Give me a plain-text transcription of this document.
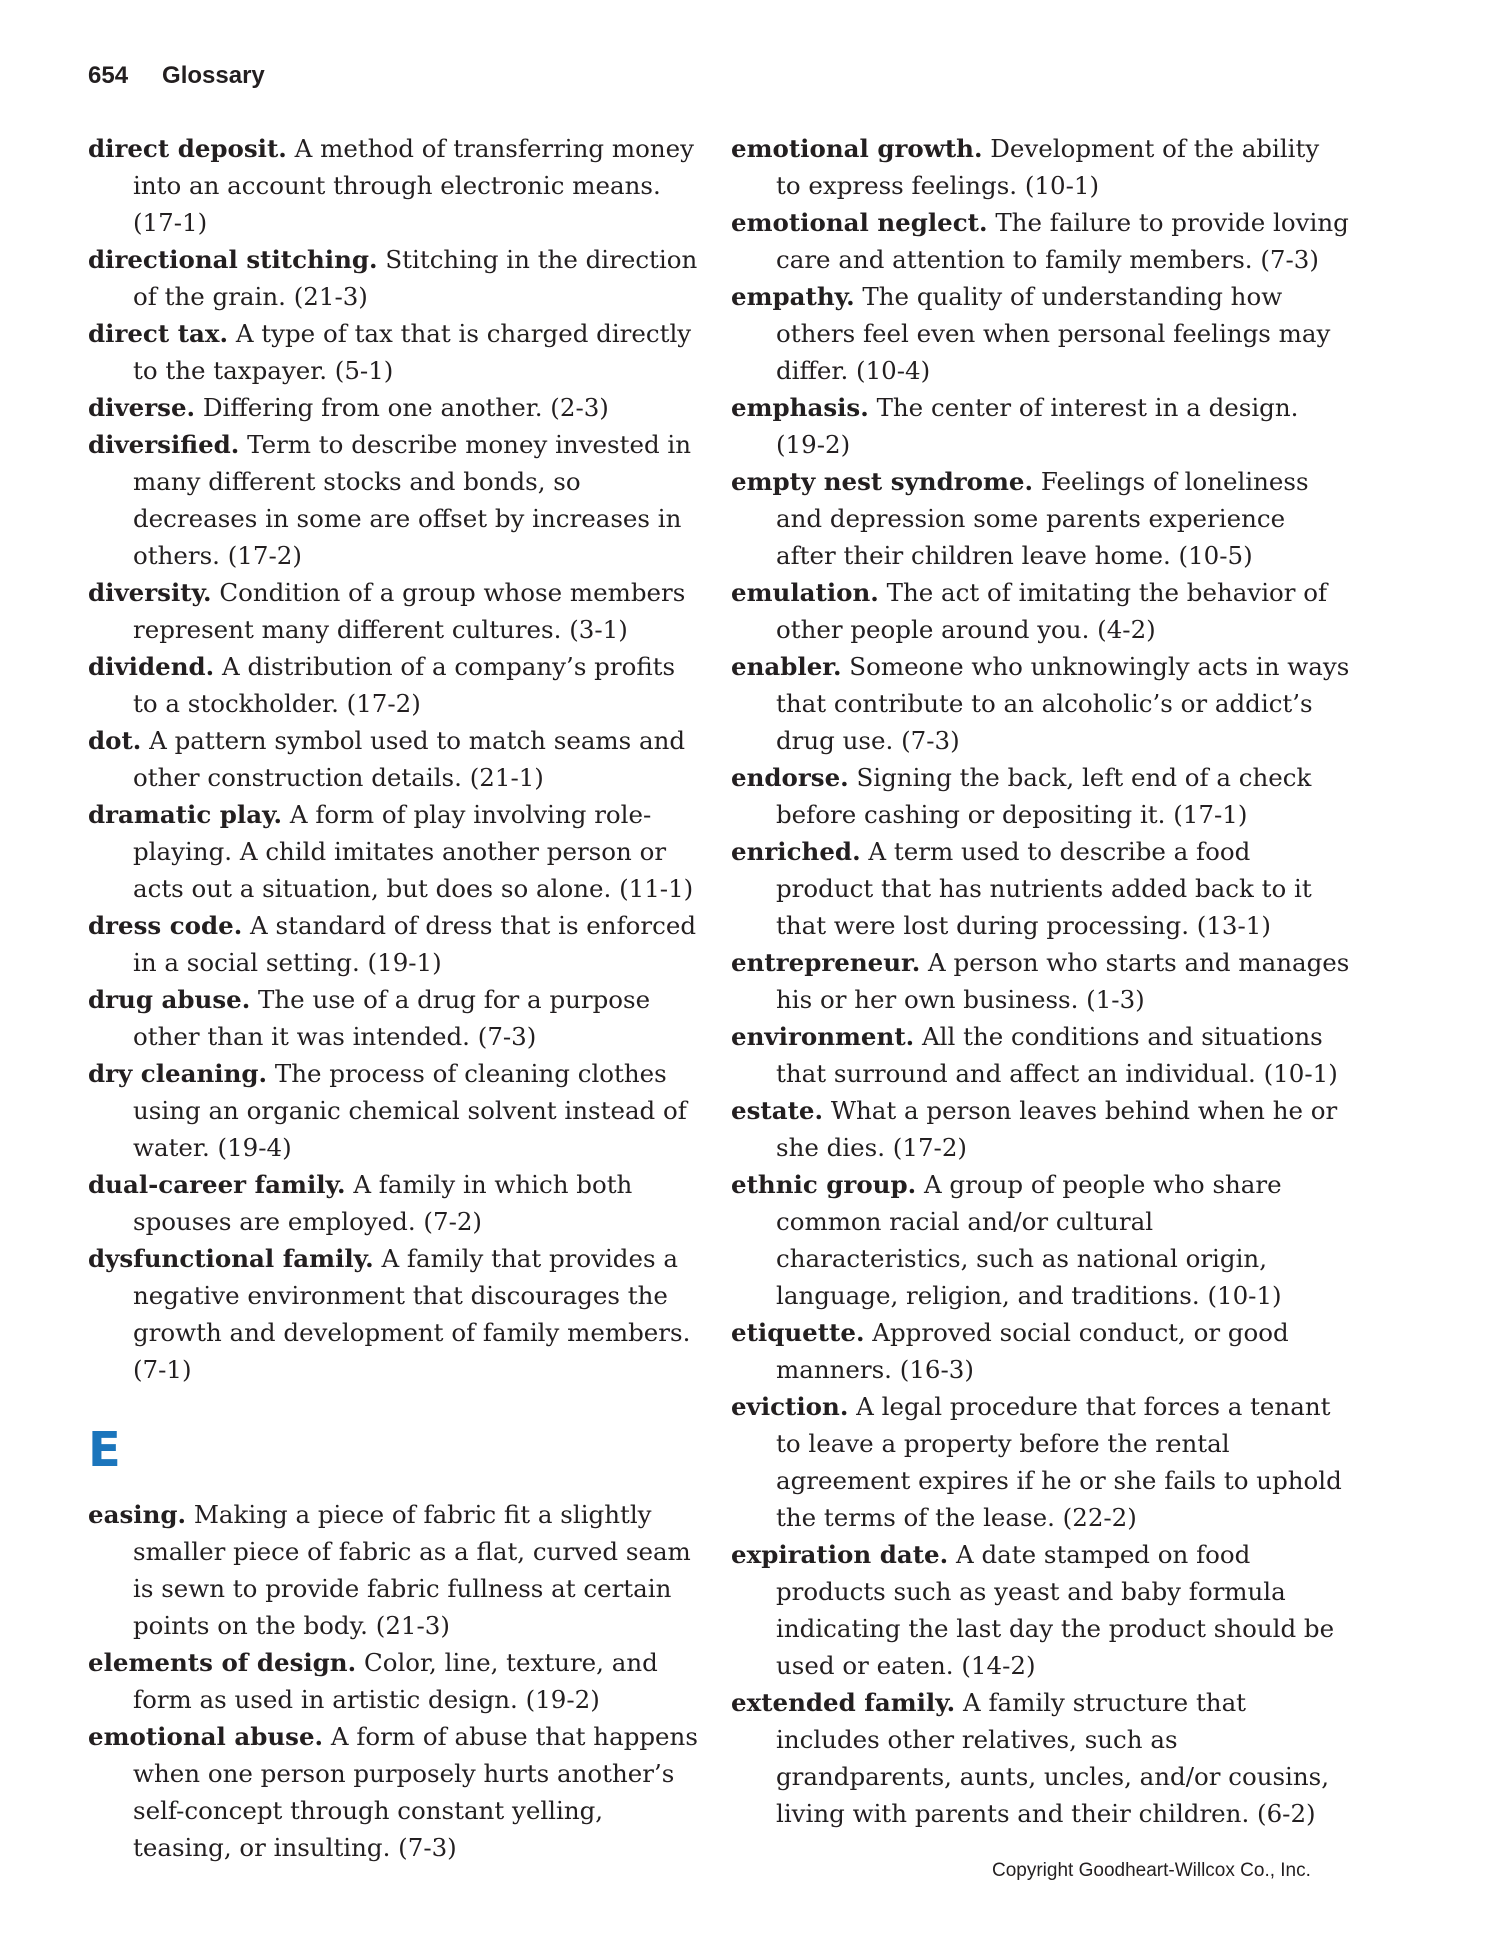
654 Glossary

direct deposit. A method of transferring money into an account through electronic means. (17-1)

directional stitching. Stitching in the direction of the grain. (21-3)

direct tax. A type of tax that is charged directly to the taxpayer. (5-1)

diverse. Differing from one another. (2-3)

diversified. Term to describe money invested in many different stocks and bonds, so decreases in some are offset by increases in others. (17-2)

diversity. Condition of a group whose members represent many different cultures. (3-1)

dividend. A distribution of a company’s profits to a stockholder. (17-2)

dot. A pattern symbol used to match seams and other construction details. (21-1)

dramatic play. A form of play involving role-playing. A child imitates another person or acts out a situation, but does so alone. (11-1)

dress code. A standard of dress that is enforced in a social setting. (19-1)

drug abuse. The use of a drug for a purpose other than it was intended. (7-3)

dry cleaning. The process of cleaning clothes using an organic chemical solvent instead of water. (19-4)

dual-career family. A family in which both spouses are employed. (7-2)

dysfunctional family. A family that provides a negative environment that discourages the growth and development of family members. (7-1)

E

easing. Making a piece of fabric fit a slightly smaller piece of fabric as a flat, curved seam is sewn to provide fabric fullness at certain points on the body. (21-3)

elements of design. Color, line, texture, and form as used in artistic design. (19-2)

emotional abuse. A form of abuse that happens when one person purposely hurts another’s self-concept through constant yelling, teasing, or insulting. (7-3)

emotional growth. Development of the ability to express feelings. (10-1)

emotional neglect. The failure to provide loving care and attention to family members. (7-3)

empathy. The quality of understanding how others feel even when personal feelings may differ. (10-4)

emphasis. The center of interest in a design. (19-2)

empty nest syndrome. Feelings of loneliness and depression some parents experience after their children leave home. (10-5)

emulation. The act of imitating the behavior of other people around you. (4-2)

enabler. Someone who unknowingly acts in ways that contribute to an alcoholic’s or addict’s drug use. (7-3)

endorse. Signing the back, left end of a check before cashing or depositing it. (17-1)

enriched. A term used to describe a food product that has nutrients added back to it that were lost during processing. (13-1)

entrepreneur. A person who starts and manages his or her own business. (1-3)

environment. All the conditions and situations that surround and affect an individual. (10-1)

estate. What a person leaves behind when he or she dies. (17-2)

ethnic group. A group of people who share common racial and/or cultural characteristics, such as national origin, language, religion, and traditions. (10-1)

etiquette. Approved social conduct, or good manners. (16-3)

eviction. A legal procedure that forces a tenant to leave a property before the rental agreement expires if he or she fails to uphold the terms of the lease. (22-2)

expiration date. A date stamped on food products such as yeast and baby formula indicating the last day the product should be used or eaten. (14-2)

extended family. A family structure that includes other relatives, such as grandparents, aunts, uncles, and/or cousins, living with parents and their children. (6-2)

Copyright Goodheart-Willcox Co., Inc.
